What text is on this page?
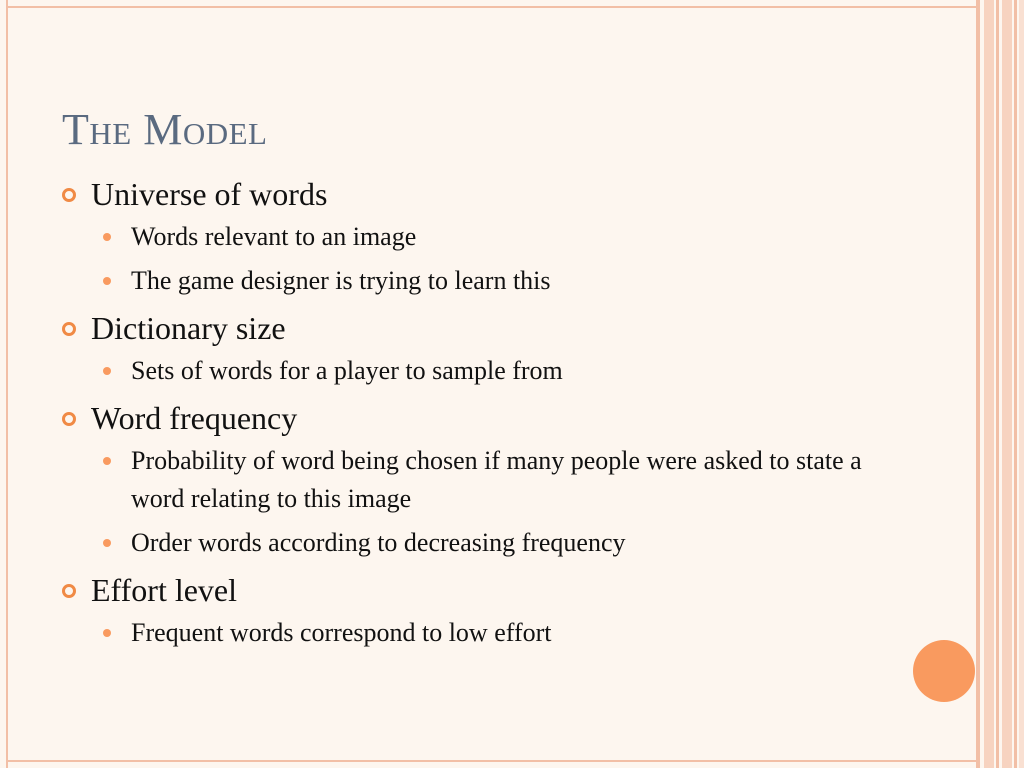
The Model

Universe of words

Words relevant to an image

The game designer is trying to learn this

Dictionary size

Sets of words for a player to sample from

Word frequency

Probability of word being chosen if many people were asked to state a word relating to this image

Order words according to decreasing frequency

Effort level

Frequent words correspond to low effort
